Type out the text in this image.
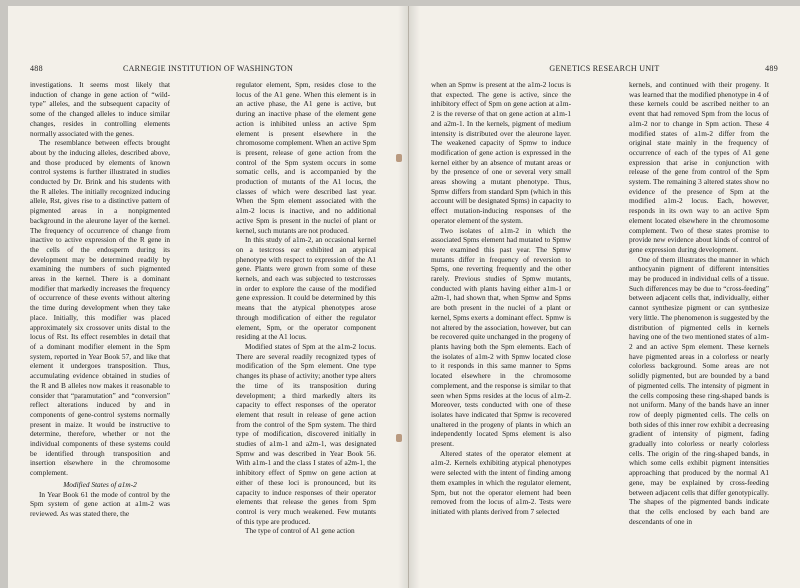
488	CARNEGIE INSTITUTION OF WASHINGTON

investigations. It seems most likely that induction of change in gene action of “wild-type” alleles, and the subsequent capacity of some of the changed alleles to induce similar changes, resides in controlling elements normally associated with the genes.

The resemblance between effects brought about by the inducing alleles, described above, and those produced by elements of known control systems is further illustrated in studies conducted by Dr. Brink and his students with the R alleles. The initially recognized inducing allele, Rst, gives rise to a distinctive pattern of pigmented areas in a nonpigmented background in the aleurone layer of the kernel. The frequency of occurrence of change from inactive to active expression of the R gene in the cells of the endosperm during its development may be determined readily by examining the numbers of such pigmented areas in the kernel. There is a dominant modifier that markedly increases the frequency of occurrence of these events without altering the time during development when they take place. Initially, this modifier was placed approximately six crossover units distal to the locus of Rst. Its effect resembles in detail that of a dominant modifier element in the Spm system, reported in Year Book 57, and like that element it undergoes transposition. Thus, accumulating evidence obtained in studies of the R and B alleles now makes it reasonable to consider that “paramutation” and “conversion” reflect alterations induced by and in components of gene-control systems normally present in maize. It would be instructive to determine, therefore, whether or not the individual components of these systems could be identified through transposition and insertion elsewhere in the chromosome complement.

Modified States of a1m-2

In Year Book 61 the mode of control by the Spm system of gene action at a1m-2 was reviewed. As was stated there, the

regulator element, Spm, resides close to the locus of the A1 gene. When this element is in an active phase, the A1 gene is active, but during an inactive phase of the element gene action is inhibited unless an active Spm element is present elsewhere in the chromosome complement. When an active Spm is present, release of gene action from the control of the Spm system occurs in some somatic cells, and is accompanied by the production of mutants of the A1 locus, the classes of which were described last year. When the Spm element associated with the a1m-2 locus is inactive, and no additional active Spm is present in the nuclei of plant or kernel, such mutants are not produced.

In this study of a1m-2, an occasional kernel on a testcross ear exhibited an atypical phenotype with respect to expression of the A1 gene. Plants were grown from some of these kernels, and each was subjected to testcrosses in order to explore the cause of the modified gene expression. It could be determined by this means that the atypical phenotypes arose through modification of either the regulator element, Spm, or the operator component residing at the A1 locus.

Modified states of Spm at the a1m-2 locus. There are several readily recognized types of modification of the Spm element. One type changes its phase of activity; another type alters the time of its transposition during development; a third markedly alters its capacity to effect responses of the operator element that result in release of gene action from the control of the Spm system. The third type of modification, discovered initially in studies of a1m-1 and a2m-1, was designated Spmw and was described in Year Book 56. With a1m-1 and the class I states of a2m-1, the inhibitory effect of Spmw on gene action at either of these loci is pronounced, but its capacity to induce responses of their operator elements that release the genes from Spm control is very much weakened. Few mutants of this type are produced.

The type of control of A1 gene action

GENETICS RESEARCH UNIT	489

when an Spmw is present at the a1m-2 locus is that expected. The gene is active, since the inhibitory effect of Spm on gene action at a1m-2 is the reverse of that on gene action at a1m-1 and a2m-1. In the kernels, pigment of medium intensity is distributed over the aleurone layer. The weakened capacity of Spmw to induce modification of gene action is expressed in the kernel either by an absence of mutant areas or by the presence of one or several very small areas showing a mutant phenotype. Thus, Spmw differs from standard Spm (which in this account will be designated Spms) in capacity to effect mutation-inducing responses of the operator element of the system.

Two isolates of a1m-2 in which the associated Spms element had mutated to Spmw were examined this past year. The Spmw mutants differ in frequency of reversion to Spms, one reverting frequently and the other rarely. Previous studies of Spmw mutants, conducted with plants having either a1m-1 or a2m-1, had shown that, when Spmw and Spms are both present in the nuclei of a plant or kernel, Spms exerts a dominant effect. Spmw is not altered by the association, however, but can be recovered quite unchanged in the progeny of plants having both the Spm elements. Each of the isolates of a1m-2 with Spmw located close to it responds in this same manner to Spms located elsewhere in the chromosome complement, and the response is similar to that seen when Spms resides at the locus of a1m-2. Moreover, tests conducted with one of these isolates have indicated that Spmw is recovered unaltered in the progeny of plants in which an independently located Spms element is also present.

Altered states of the operator element at a1m-2. Kernels exhibiting atypical phenotypes were selected with the intent of finding among them examples in which the regulator element, Spm, but not the operator element had been removed from the locus of a1m-2. Tests were initiated with plants derived from 7 selected

kernels, and continued with their progeny. It was learned that the modified phenotype in 4 of these kernels could be ascribed neither to an event that had removed Spm from the locus of a1m-2 nor to change in Spm action. These 4 modified states of a1m-2 differ from the original state mainly in the frequency of occurrence of each of the types of A1 gene expression that arise in conjunction with release of the gene from control of the Spm system. The remaining 3 altered states show no evidence of the presence of Spm at the modified a1m-2 locus. Each, however, responds in its own way to an active Spm element located elsewhere in the chromosome complement. Two of these states promise to provide new evidence about kinds of control of gene expression during development.

One of them illustrates the manner in which anthocyanin pigment of different intensities may be produced in individual cells of a tissue. Such differences may be due to “cross-feeding” between adjacent cells that, individually, either cannot synthesize pigment or can synthesize very little. The phenomenon is suggested by the distribution of pigmented cells in kernels having one of the two mentioned states of a1m-2 and an active Spm element. These kernels have pigmented areas in a colorless or nearly colorless background. Some areas are not solidly pigmented, but are bounded by a band of pigmented cells. The intensity of pigment in the cells composing these ring-shaped bands is not uniform. Many of the bands have an inner row of deeply pigmented cells. The cells on both sides of this inner row exhibit a decreasing gradient of intensity of pigment, fading gradually into colorless or nearly colorless cells. The origin of the ring-shaped bands, in which some cells exhibit pigment intensities approaching that produced by the normal A1 gene, may be explained by cross-feeding between adjacent cells that differ genotypically. The shapes of the pigmented bands indicate that the cells enclosed by each band are descendants of one in
